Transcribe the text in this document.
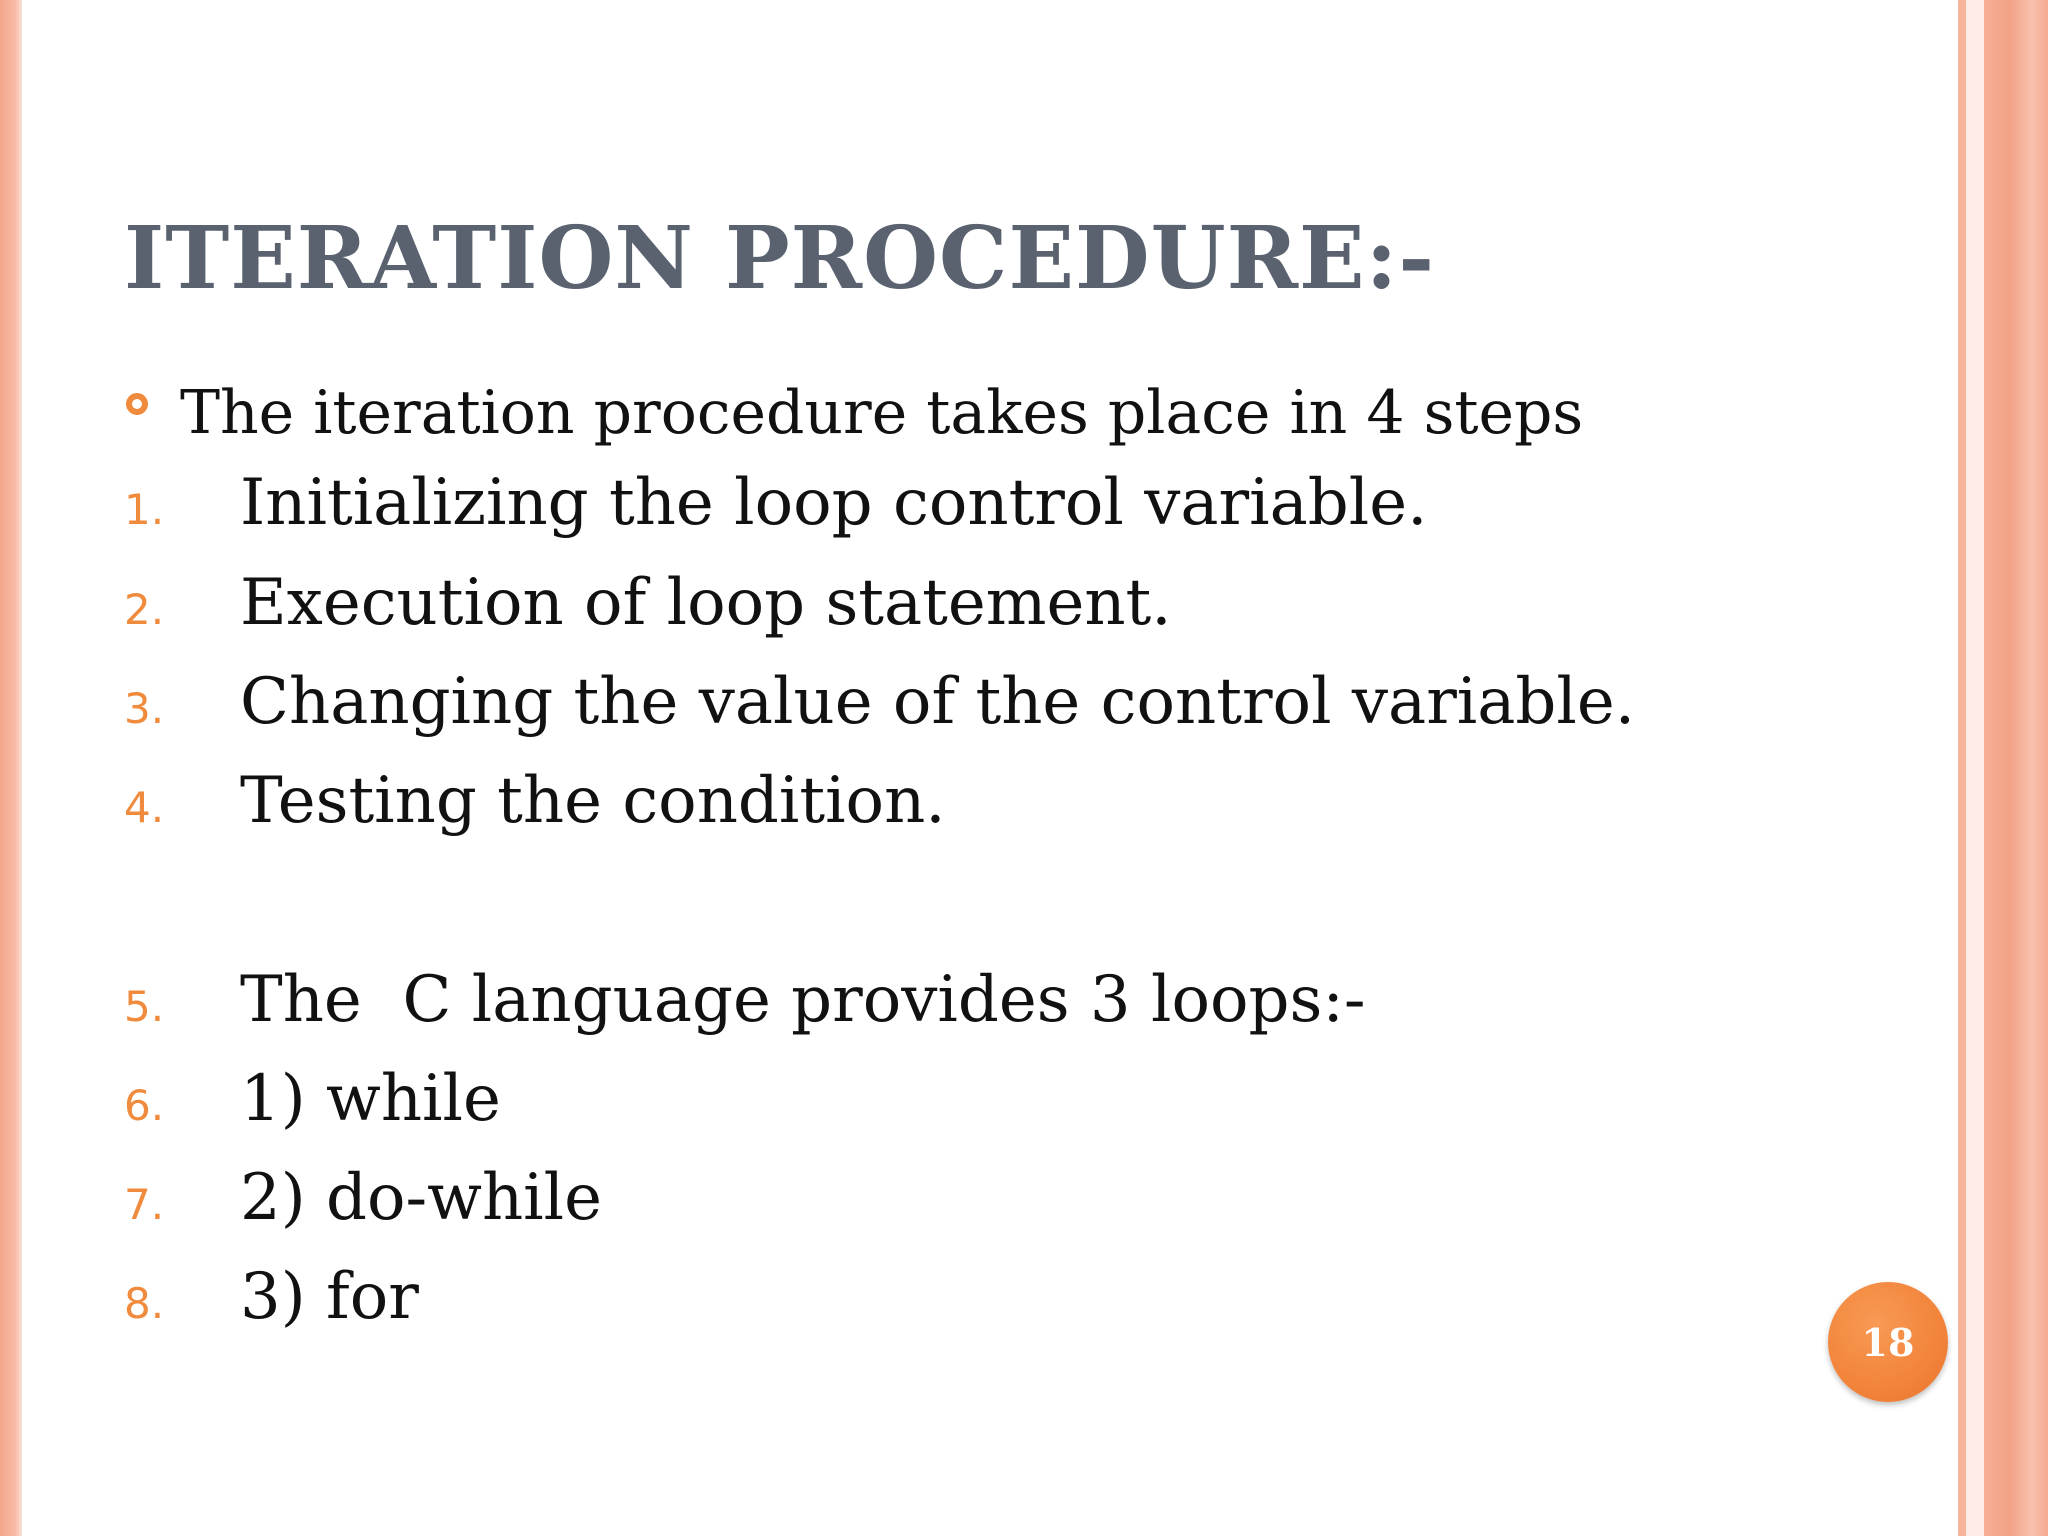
ITERATION PROCEDURE:-
The iteration procedure takes place in 4 steps
1.	Initializing the loop control variable.
2.	Execution of loop statement.
3.	Changing the value of the control variable.
4.	Testing the condition.
5.	The  C language provides 3 loops:-
6.	1) while
7.	2) do-while
8.	3) for
18
